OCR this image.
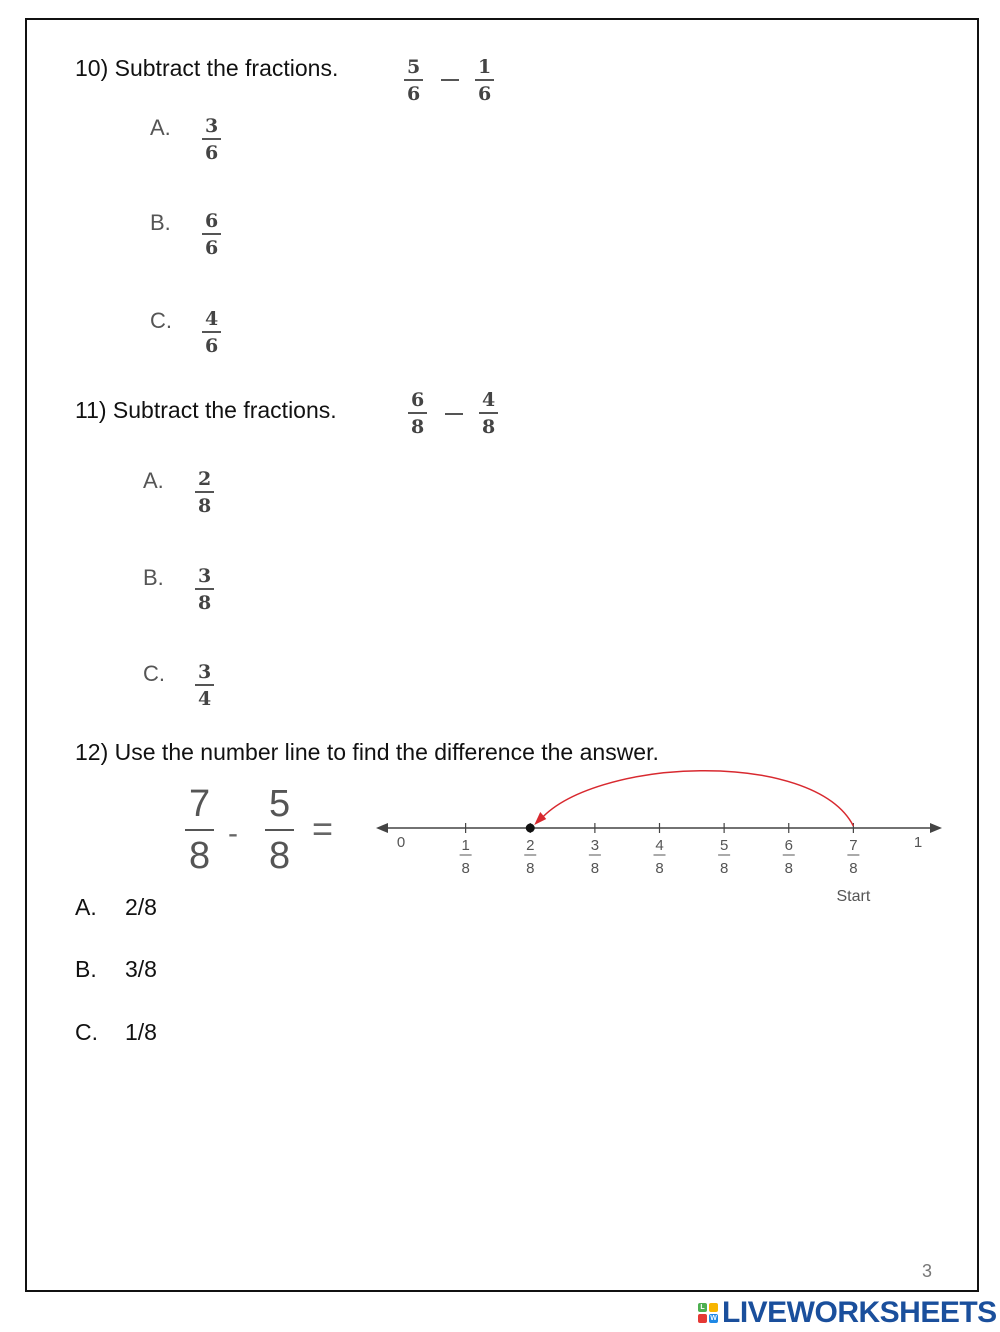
10) Subtract the fractions.	$\frac{5}{6}$	$\frac{1}{6}$
A. $\frac{3}{6}$
B. $\frac{6}{6}$
C. $\frac{4}{6}$
11) Subtract the fractions.	$\frac{6}{8}$	$\frac{4}{8}$
A. $\frac{2}{8}$
B. $\frac{3}{8}$
C. $\frac{3}{4}$
12) Use the number line to find the difference the answer.
$\frac{7}{8} - \frac{5}{8}$ =	0	1
1
8
2
8
3
8
4
8
5
8
6
8
7
8
Start
A. 2/8
B. 3/8
C. 1/8
3
L
W LIVEWORKSHEETS
